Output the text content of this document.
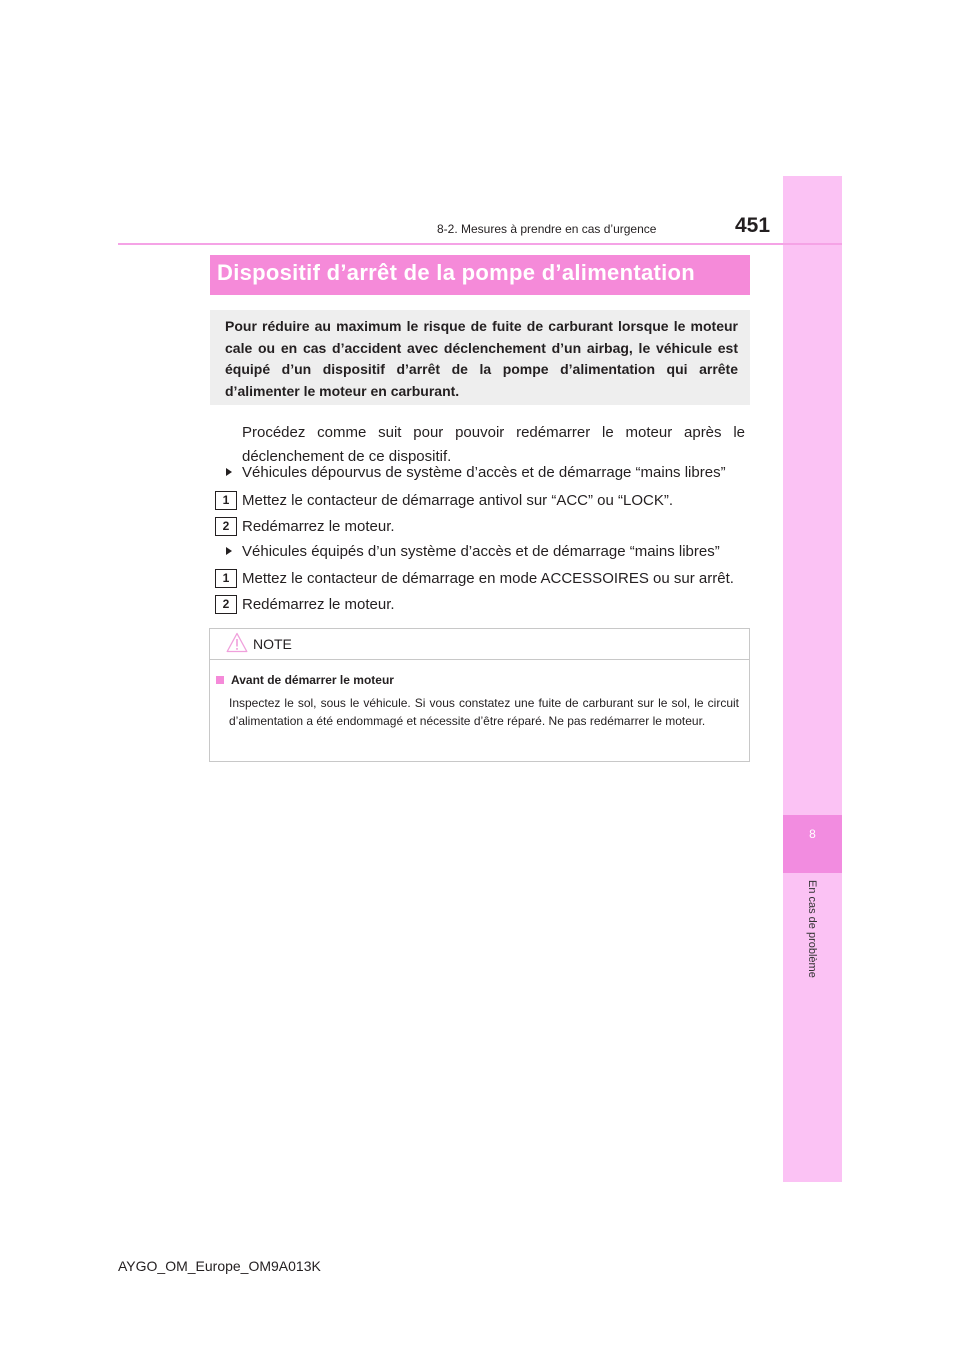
8
En cas de problème
8-2. Mesures à prendre en cas d’urgence	451
Dispositif d’arrêt de la pompe d’alimentation
Pour réduire au maximum le risque de fuite de carburant lorsque le moteur cale ou en cas d’accident avec déclenchement d’un airbag, le véhicule est équipé d’un dispositif d’arrêt de la pompe d’alimentation qui arrête d’alimenter le moteur en carburant.
Procédez comme suit pour pouvoir redémarrer le moteur après le déclenchement de ce dispositif.
Véhicules dépourvus de système d’accès et de démarrage “mains libres”
1 Mettez le contacteur de démarrage antivol sur “ACC” ou “LOCK”.
2 Redémarrez le moteur.
Véhicules équipés d’un système d’accès et de démarrage “mains libres”
1 Mettez le contacteur de démarrage en mode ACCESSOIRES ou sur arrêt.
2 Redémarrez le moteur.
NOTE
Avant de démarrer le moteur
Inspectez le sol, sous le véhicule. Si vous constatez une fuite de carburant sur le sol, le circuit d’alimentation a été endommagé et nécessite d’être réparé. Ne pas redémarrer le moteur.
AYGO_OM_Europe_OM9A013K
